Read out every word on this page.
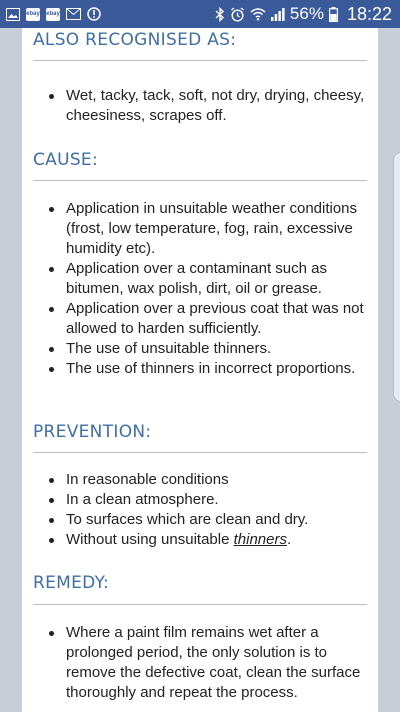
ebay ebay	56% 18:22
ALSO RECOGNISED AS:
Wet, tacky, tack, soft, not dry, drying, cheesy, cheesiness, scrapes off.
CAUSE:
Application in unsuitable weather conditions (frost, low temperature, fog, rain, excessive humidity etc).
Application over a contaminant such as bitumen, wax polish, dirt, oil or grease.
Application over a previous coat that was not allowed to harden sufficiently.
The use of unsuitable thinners.
The use of thinners in incorrect proportions.
PREVENTION:
In reasonable conditions
In a clean atmosphere.
To surfaces which are clean and dry.
Without using unsuitable thinners.
REMEDY:
Where a paint film remains wet after a prolonged period, the only solution is to remove the defective coat, clean the surface thoroughly and repeat the process.
